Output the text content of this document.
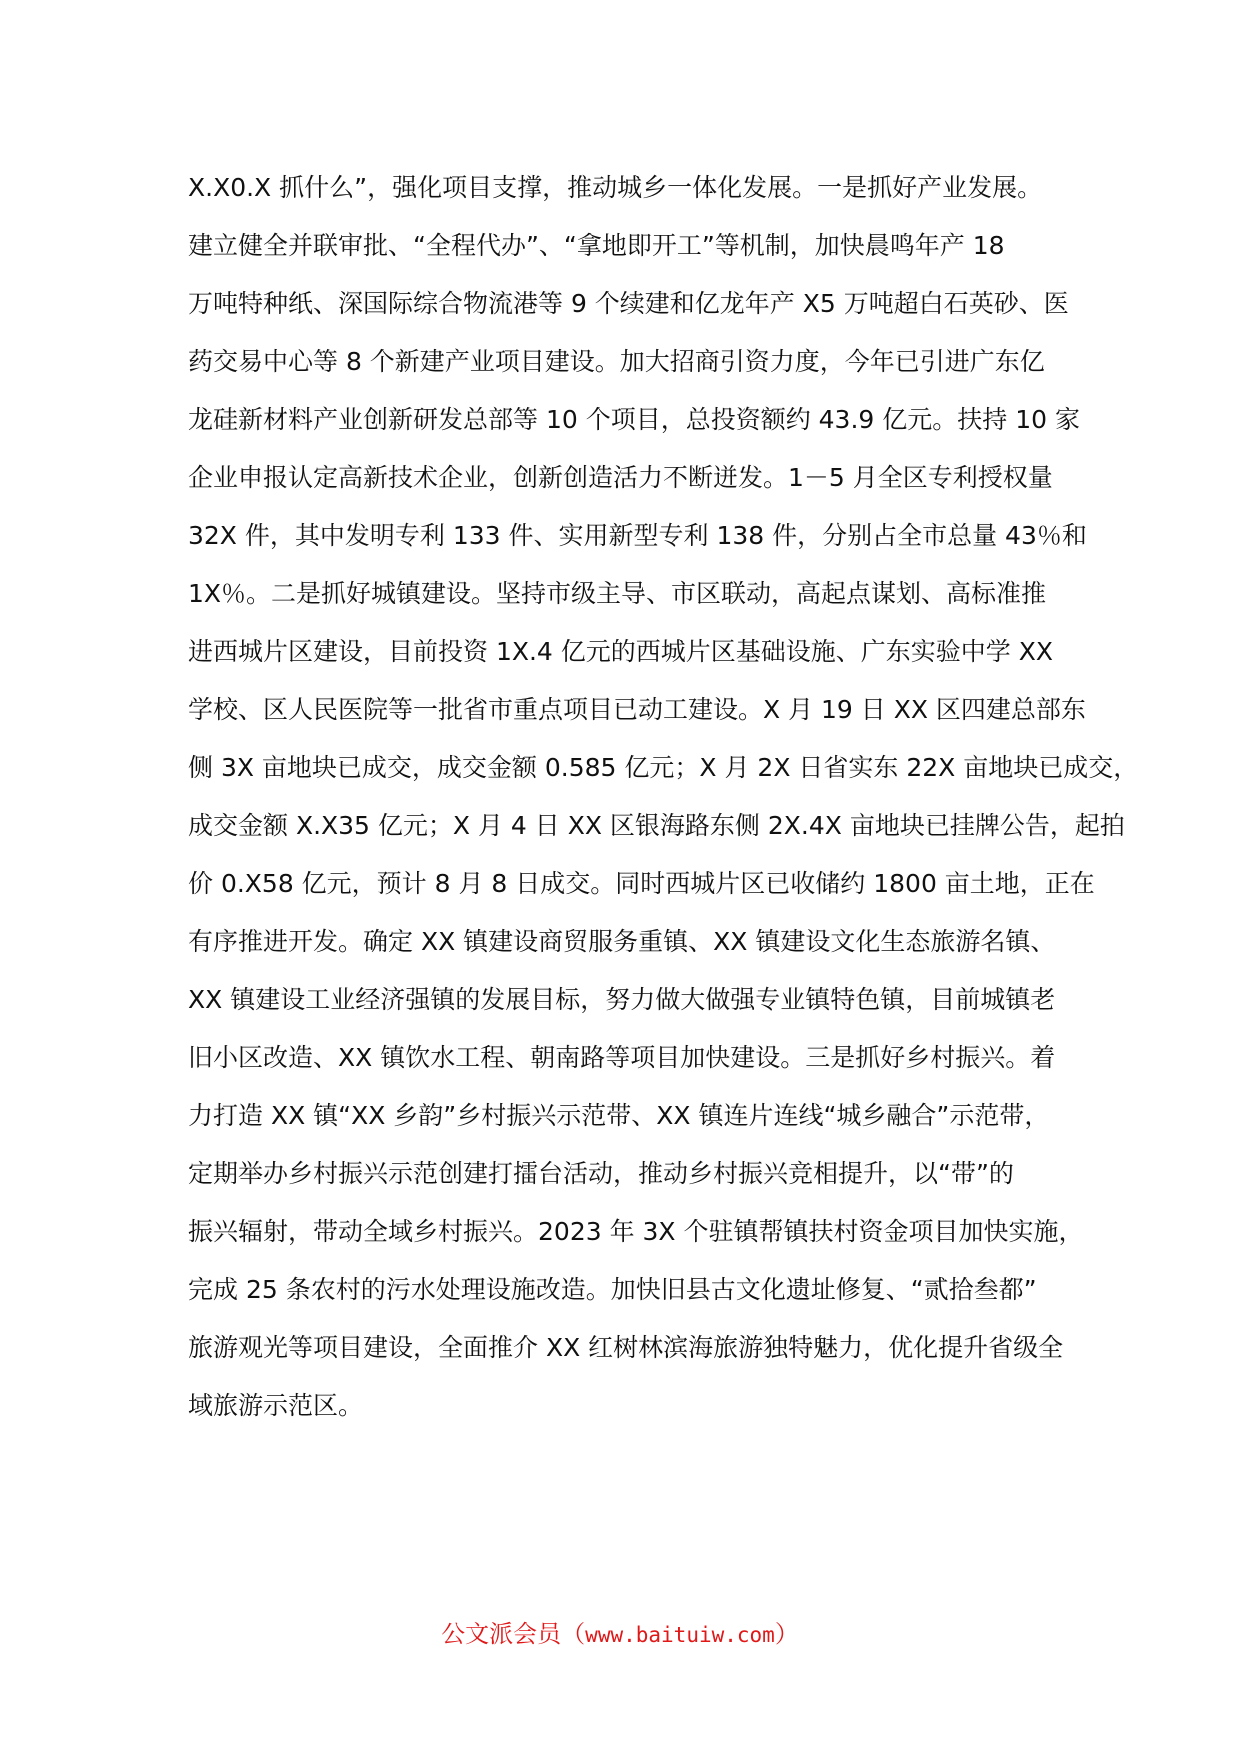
X.X0.X 抓什么”，强化项目支撑，推动城乡一体化发展。一是抓好产业发展。
建立健全并联审批、“全程代办”、“拿地即开工”等机制，加快晨鸣年产 18
万吨特种纸、深国际综合物流港等 9 个续建和亿龙年产 X5 万吨超白石英砂、医
药交易中心等 8 个新建产业项目建设。加大招商引资力度，今年已引进广东亿
龙硅新材料产业创新研发总部等 10 个项目，总投资额约 43.9 亿元。扶持 10 家
企业申报认定高新技术企业，创新创造活力不断迸发。1－5 月全区专利授权量
32X 件，其中发明专利 133 件、实用新型专利 138 件，分别占全市总量 43％和
1X％。二是抓好城镇建设。坚持市级主导、市区联动，高起点谋划、高标准推
进西城片区建设，目前投资 1X.4 亿元的西城片区基础设施、广东实验中学 XX
学校、区人民医院等一批省市重点项目已动工建设。X 月 19 日 XX 区四建总部东
侧 3X 亩地块已成交，成交金额 0.585 亿元；X 月 2X 日省实东 22X 亩地块已成交，
成交金额 X.X35 亿元；X 月 4 日 XX 区银海路东侧 2X.4X 亩地块已挂牌公告，起拍
价 0.X58 亿元，预计 8 月 8 日成交。同时西城片区已收储约 1800 亩土地，正在
有序推进开发。确定 XX 镇建设商贸服务重镇、XX 镇建设文化生态旅游名镇、
XX 镇建设工业经济强镇的发展目标，努力做大做强专业镇特色镇，目前城镇老
旧小区改造、XX 镇饮水工程、朝南路等项目加快建设。三是抓好乡村振兴。着
力打造 XX 镇“XX 乡韵”乡村振兴示范带、XX 镇连片连线“城乡融合”示范带，
定期举办乡村振兴示范创建打擂台活动，推动乡村振兴竞相提升，以“带”的
振兴辐射，带动全域乡村振兴。2023 年 3X 个驻镇帮镇扶村资金项目加快实施，
完成 25 条农村的污水处理设施改造。加快旧县古文化遗址修复、“贰拾叁都”
旅游观光等项目建设，全面推介 XX 红树林滨海旅游独特魅力，优化提升省级全
域旅游示范区。
公文派会员（www.baituiw.com）
